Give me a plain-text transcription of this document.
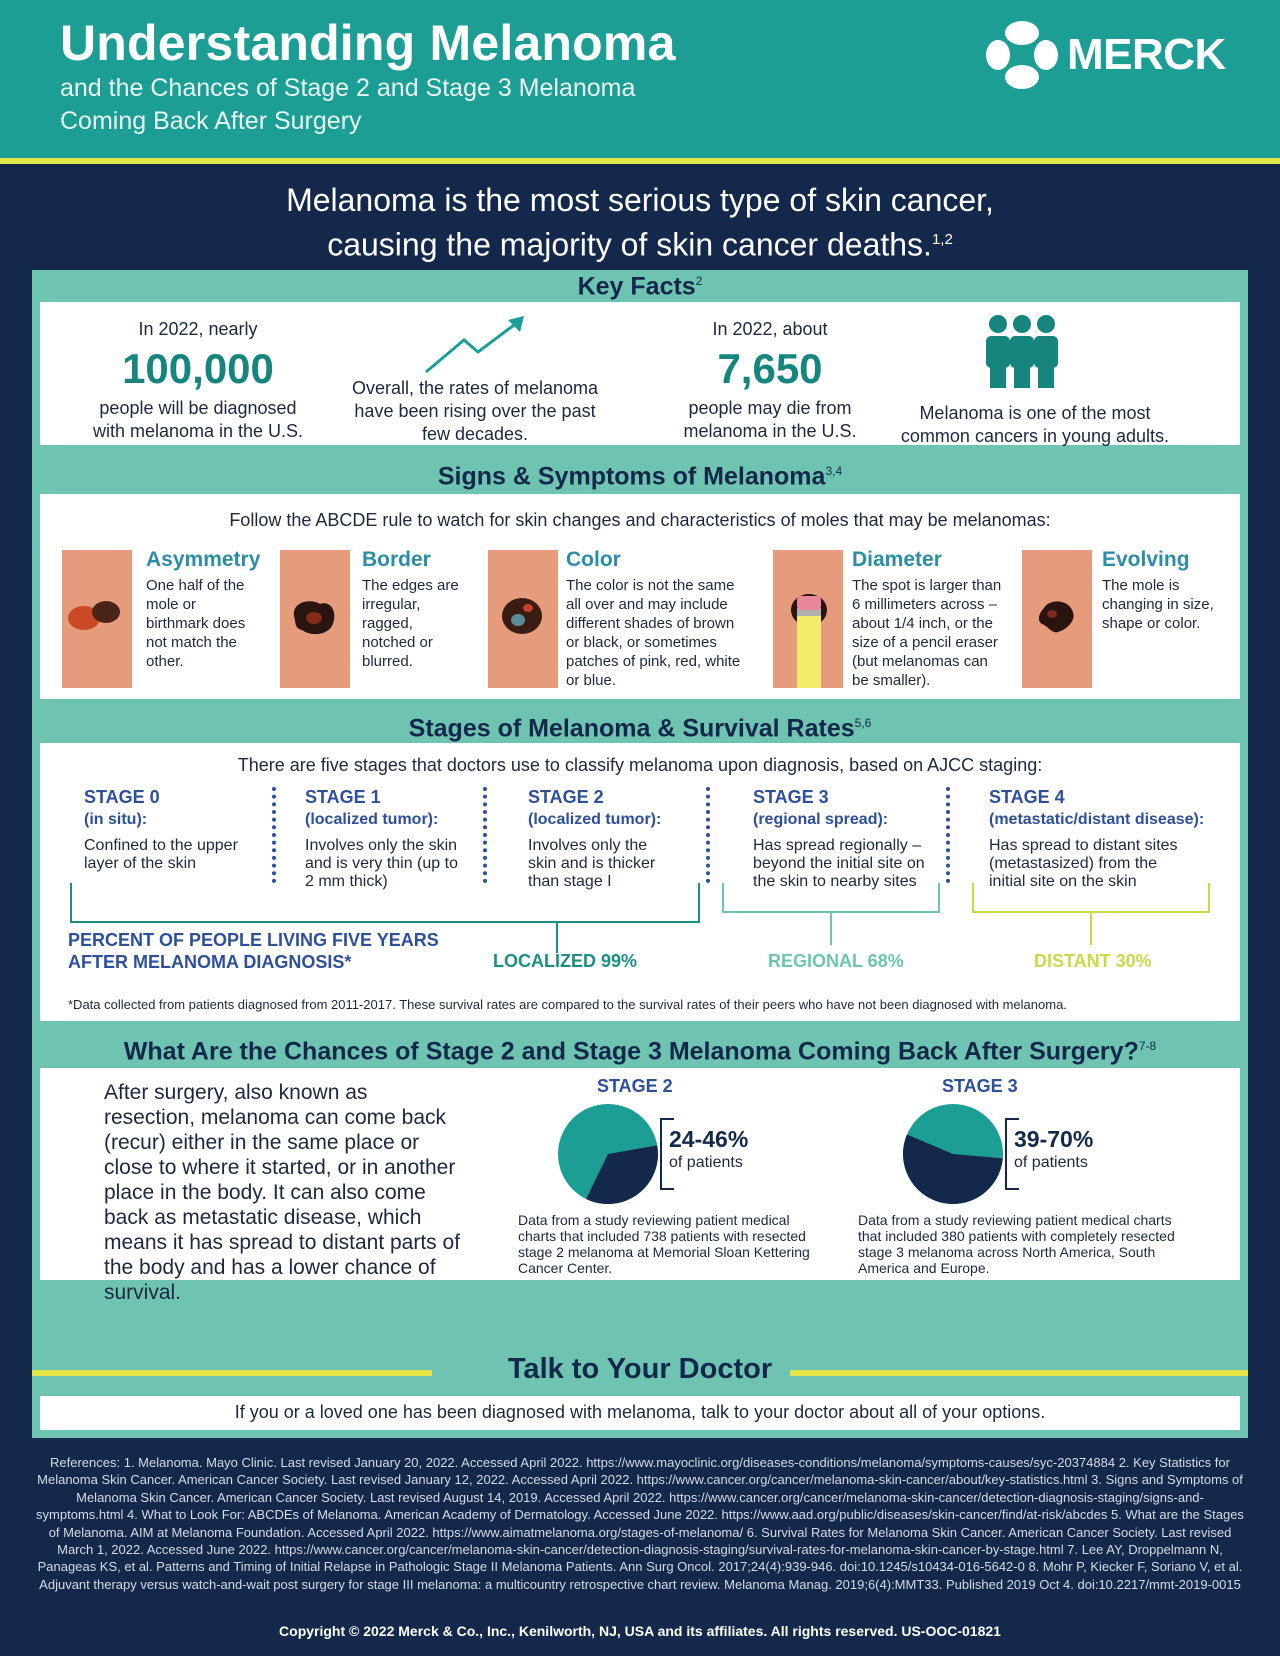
Understanding Melanoma
and the Chances of Stage 2 and Stage 3 Melanoma Coming Back After Surgery
MERCK
Melanoma is the most serious type of skin cancer,
causing the majority of skin cancer deaths.$^{1,2}$
Key Facts$^2$
In 2022, nearly
100,000
people will be diagnosed with melanoma in the U.S.
Overall, the rates of melanoma have been rising over the past few decades.
In 2022, about
7,650
people may die from melanoma in the U.S.
Melanoma is one of the most common cancers in young adults.
Signs & Symptoms of Melanoma$^{3,4}$
Follow the ABCDE rule to watch for skin changes and characteristics of moles that may be melanomas:
Asymmetry
One half of the mole or birthmark does not match the other.
Border
The edges are irregular, ragged, notched or blurred.
Color
The color is not the same all over and may include different shades of brown or black, or sometimes patches of pink, red, white or blue.
Diameter
The spot is larger than 6 millimeters across – about 1/4 inch, or the size of a pencil eraser (but melanomas can be smaller).
Evolving
The mole is changing in size, shape or color.
Stages of Melanoma & Survival Rates$^{5,6}$
There are five stages that doctors use to classify melanoma upon diagnosis, based on AJCC staging:
STAGE 0
(in situ):
Confined to the upper layer of the skin
STAGE 1
(localized tumor):
Involves only the skin and is very thin (up to 2 mm thick)
STAGE 2
(localized tumor):
Involves only the skin and is thicker than stage I
STAGE 3
(regional spread):
Has spread regionally – beyond the initial site on the skin to nearby sites
STAGE 4
(metastatic/distant disease):
Has spread to distant sites (metastasized) from the initial site on the skin
PERCENT OF PEOPLE LIVING FIVE YEARS AFTER MELANOMA DIAGNOSIS*	LOCALIZED 99%	REGIONAL 68%	DISTANT 30%
*Data collected from patients diagnosed from 2011-2017. These survival rates are compared to the survival rates of their peers who have not been diagnosed with melanoma.
What Are the Chances of Stage 2 and Stage 3 Melanoma Coming Back After Surgery?$^{7-8}$
After surgery, also known as resection, melanoma can come back (recur) either in the same place or close to where it started, or in another place in the body. It can also come back as metastatic disease, which means it has spread to distant parts of the body and has a lower chance of survival.
STAGE 2
24-46%
of patients
Data from a study reviewing patient medical charts that included 738 patients with resected stage 2 melanoma at Memorial Sloan Kettering Cancer Center.
STAGE 3
39-70%
of patients
Data from a study reviewing patient medical charts that included 380 patients with completely resected stage 3 melanoma across North America, South America and Europe.
Talk to Your Doctor
If you or a loved one has been diagnosed with melanoma, talk to your doctor about all of your options.
References: 1. Melanoma. Mayo Clinic. Last revised January 20, 2022. Accessed April 2022. https://www.mayoclinic.org/diseases-conditions/melanoma/symptoms-causes/syc-20374884 2. Key Statistics for Melanoma Skin Cancer. American Cancer Society. Last revised January 12, 2022. Accessed April 2022. https://www.cancer.org/cancer/melanoma-skin-cancer/about/key-statistics.html 3. Signs and Symptoms of Melanoma Skin Cancer. American Cancer Society. Last revised August 14, 2019. Accessed April 2022. https://www.cancer.org/cancer/melanoma-skin-cancer/detection-diagnosis-staging/signs-and-symptoms.html 4. What to Look For: ABCDEs of Melanoma. American Academy of Dermatology. Accessed June 2022. https://www.aad.org/public/diseases/skin-cancer/find/at-risk/abcdes 5. What are the Stages of Melanoma. AIM at Melanoma Foundation. Accessed April 2022. https://www.aimatmelanoma.org/stages-of-melanoma/ 6. Survival Rates for Melanoma Skin Cancer. American Cancer Society. Last revised March 1, 2022. Accessed June 2022. https://www.cancer.org/cancer/melanoma-skin-cancer/detection-diagnosis-staging/survival-rates-for-melanoma-skin-cancer-by-stage.html 7. Lee AY, Droppelmann N, Panageas KS, et al. Patterns and Timing of Initial Relapse in Pathologic Stage II Melanoma Patients. Ann Surg Oncol. 2017;24(4):939-946. doi:10.1245/s10434-016-5642-0 8. Mohr P, Kiecker F, Soriano V, et al. Adjuvant therapy versus watch-and-wait post surgery for stage III melanoma: a multicountry retrospective chart review. Melanoma Manag. 2019;6(4):MMT33. Published 2019 Oct 4. doi:10.2217/mmt-2019-0015
Copyright © 2022 Merck & Co., Inc., Kenilworth, NJ, USA and its affiliates. All rights reserved. US-OOC-01821
